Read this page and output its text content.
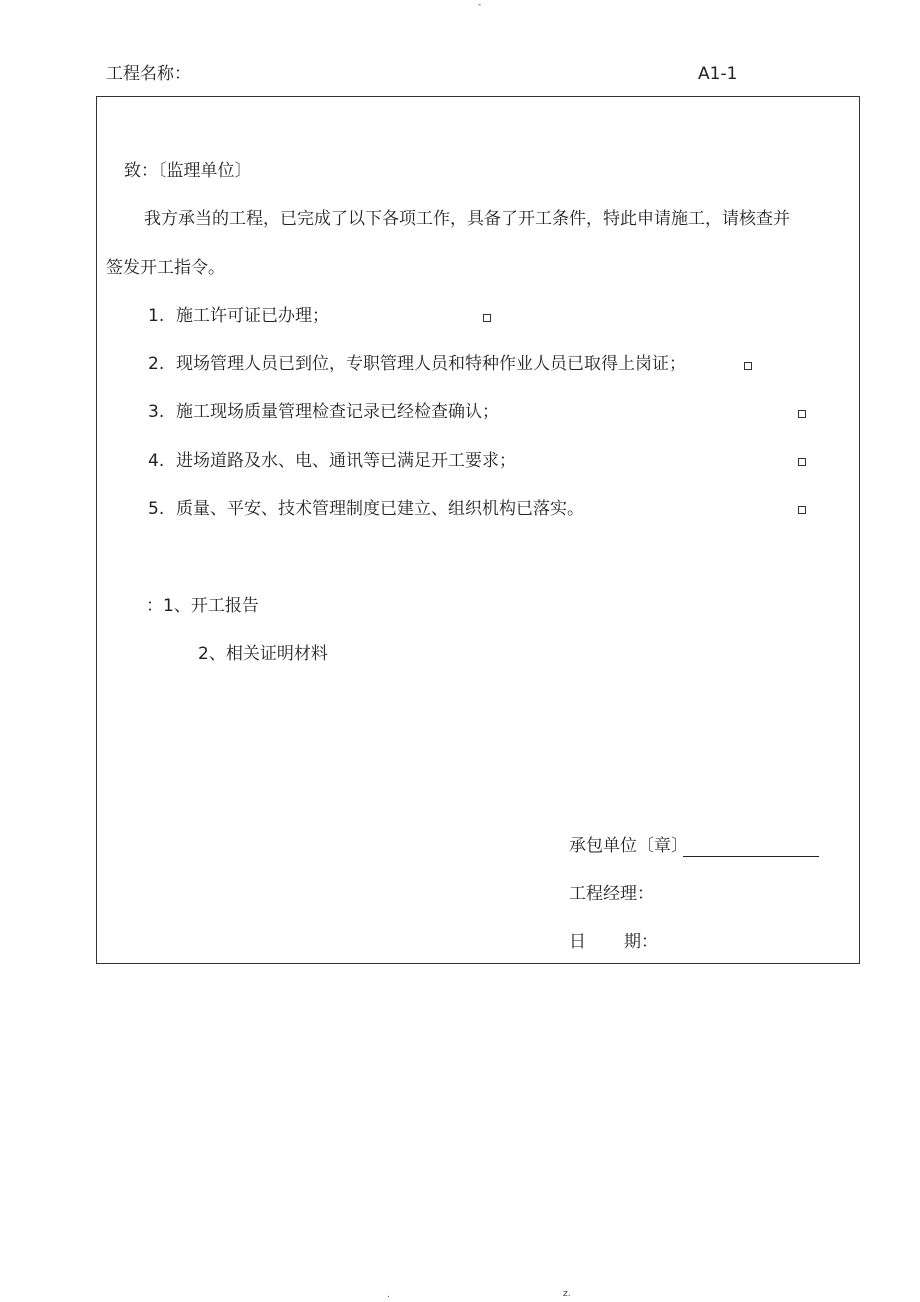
-
工程名称：	A1-1
致：〔监理单位〕
我方承当的工程，已完成了以下各项工作，具备了开工条件，特此申请施工，请核查并
签发开工指令。
1. 施工许可证已办理；
2. 现场管理人员已到位，专职管理人员和特种作业人员已取得上岗证；
3. 施工现场质量管理检查记录已经检查确认；
4. 进场道路及水、电、通讯等已满足开工要求；
5. 质量、平安、技术管理制度已建立、组织机构已落实。
：1、开工报告
2、相关证明材料
承包单位〔章〕
工程经理：
日 期：
.	z.
